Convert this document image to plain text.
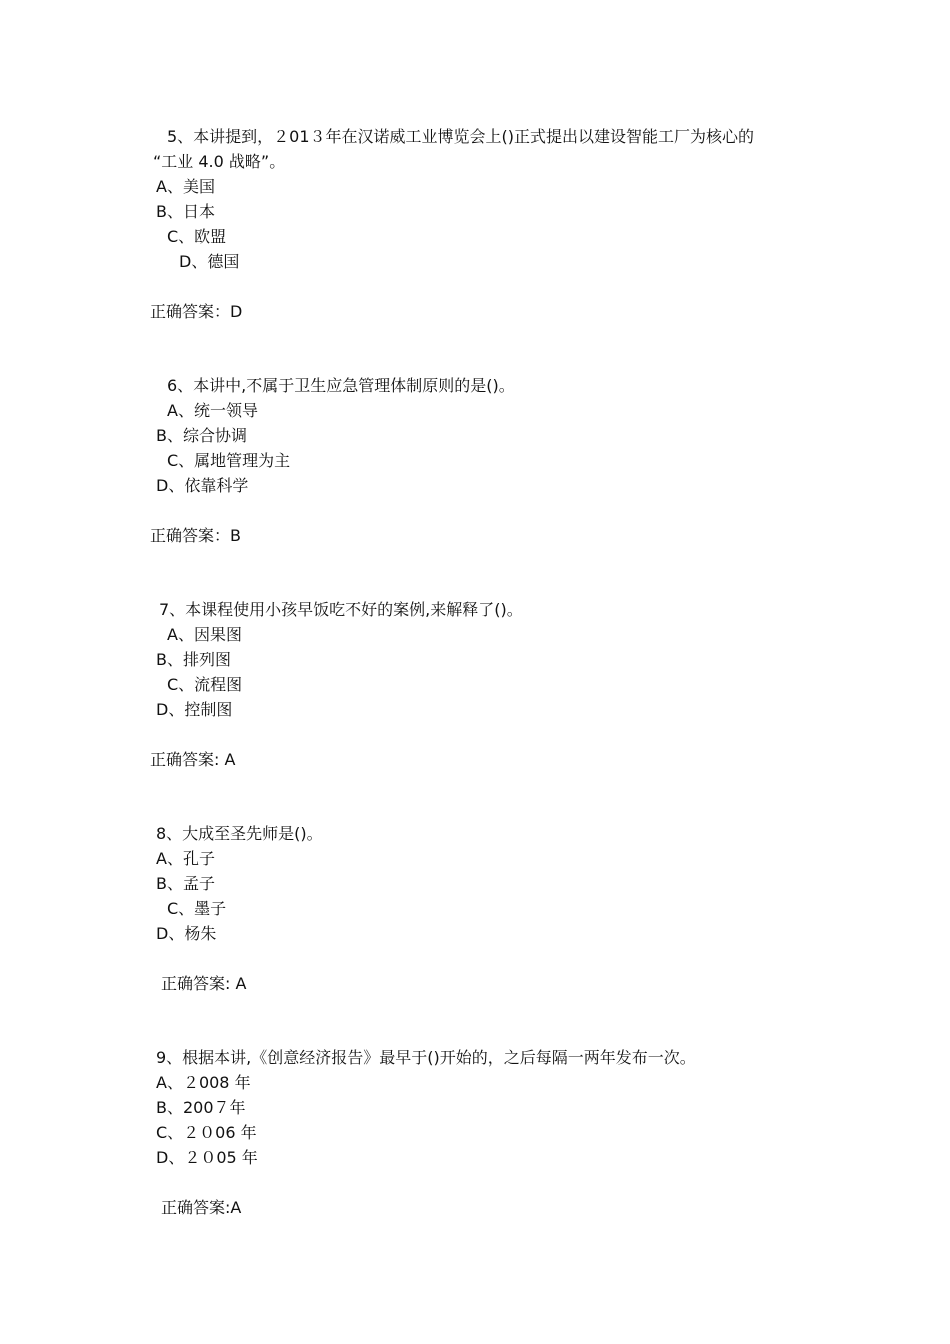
5、本讲提到，２01３年在汉诺威工业博览会上()正式提出以建设智能工厂为核心的
“工业 4.0 战略”。
A、美国
B、日本
C、欧盟
D、德国
正确答案：D
6、本讲中,不属于卫生应急管理体制原则的是()。
A、统一领导
B、综合协调
C、属地管理为主
D、依靠科学
正确答案：B
7、本课程使用小孩早饭吃不好的案例,来解释了()。
A、因果图
B、排列图
C、流程图
D、控制图
正确答案: A
8、大成至圣先师是()。
A、孔子
B、孟子
C、墨子
D、杨朱
正确答案: A
9、根据本讲,《创意经济报告》最早于()开始的，之后每隔一两年发布一次。
A、２008 年
B、200７年
C、２０06 年
D、２０05 年
正确答案:A
